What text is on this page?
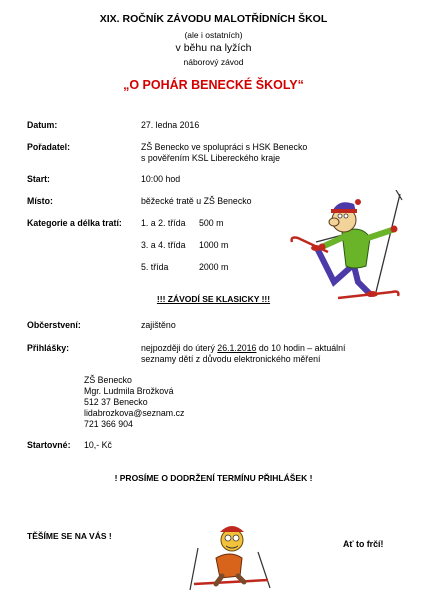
XIX. ROČNÍK ZÁVODU MALOTŘÍDNÍCH ŠKOL
(ale i ostatních)
v běhu na lyžích
náborový závod
„O POHÁR BENECKÉ ŠKOLY“
Datum:	27. ledna 2016
Pořadatel:	ZŠ Benecko ve spolupráci s HSK Benecko
s pověřením KSL Libereckého kraje
Start:	10:00 hod
Místo:	běžecké tratě u ZŠ Benecko
Kategorie a délka tratí: 1. a 2. třída 500 m
3. a 4. třída 1000 m
5. třída	2000 m
!!! ZÁVODÍ SE KLASICKY !!!
Občerstvení:	zajištěno
Přihlášky:	nejpozději do úterý 26.1.2016 do 10 hodin – aktuální
seznamy dětí z důvodu elektronického měření
ZŠ Benecko
Mgr. Ludmila Brožková
512 37 Benecko
lidabrozkova@seznam.cz
721 366 904
Startovné: 10,- Kč
! PROSÍME O DODRŽENÍ TERMÍNU PŘIHLÁŠEK !
TĚŠÍME SE NA VÁS !
Ať to frčí!
